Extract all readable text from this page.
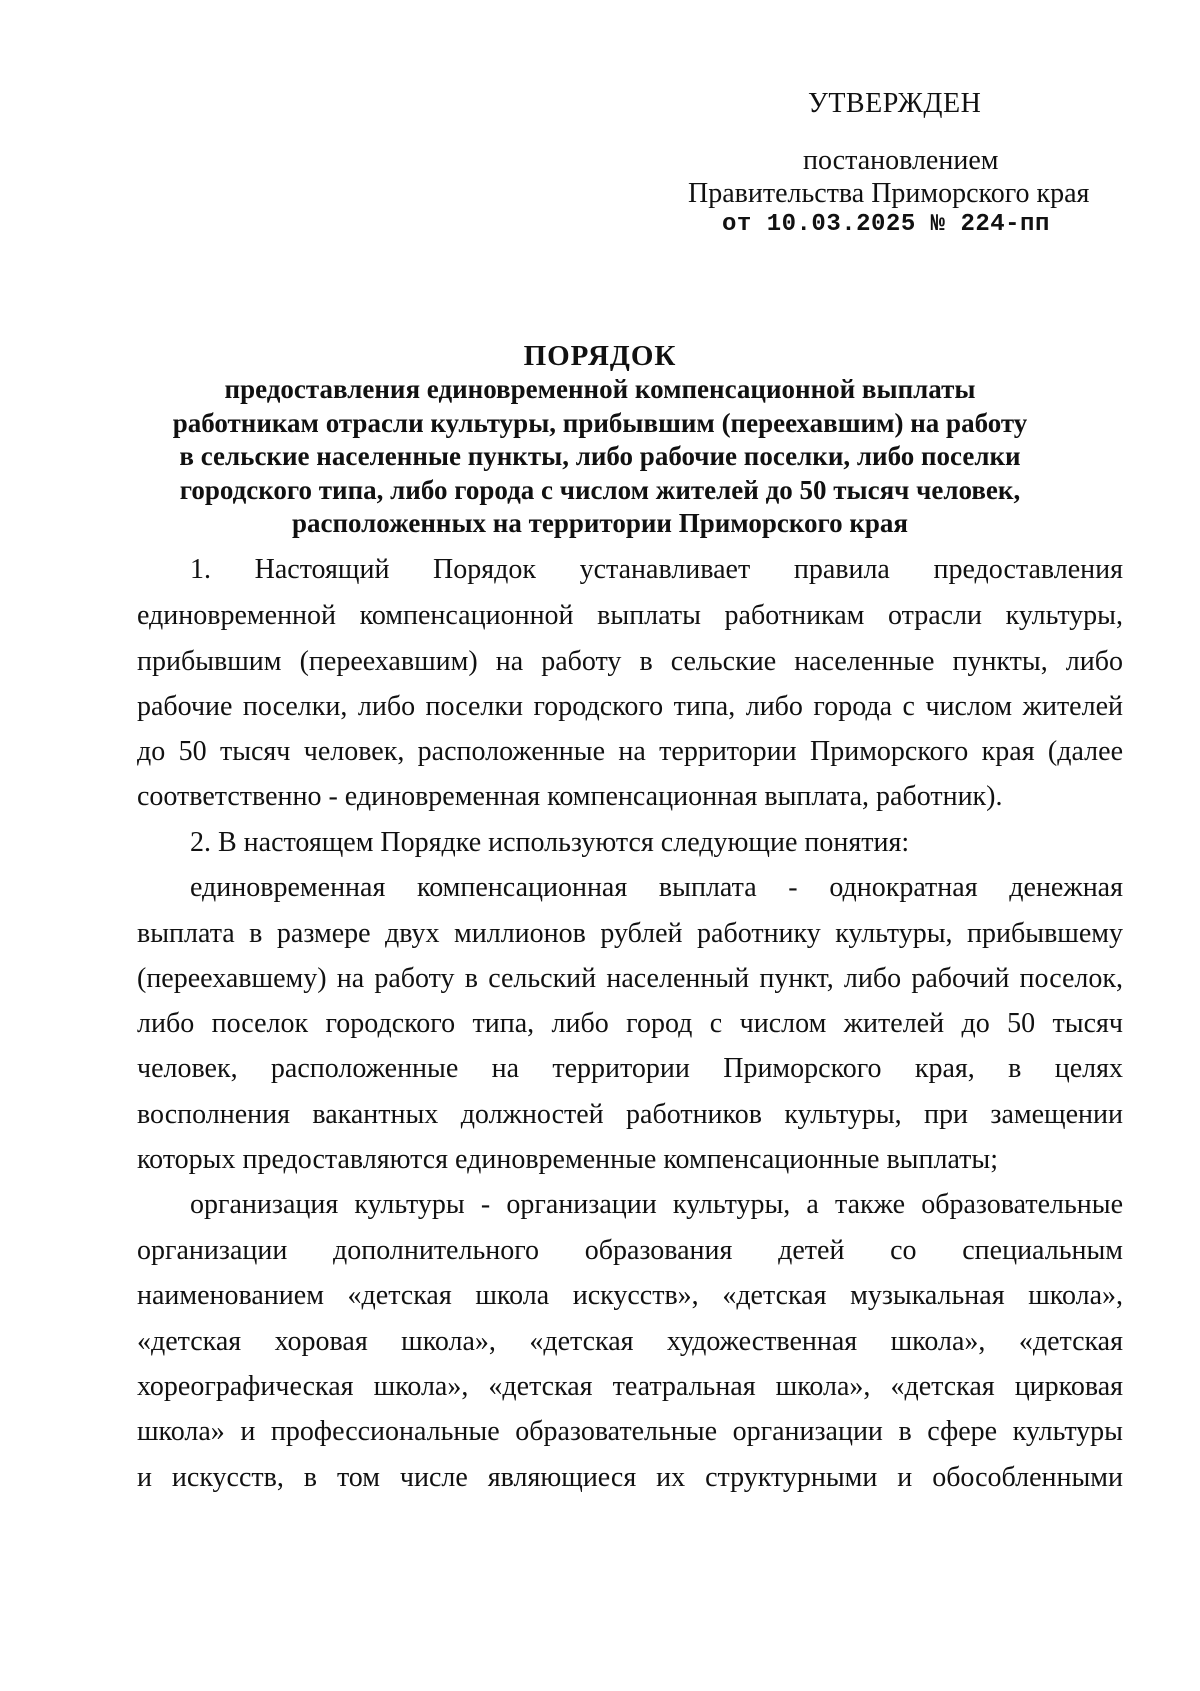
УТВЕРЖДЕН
постановлением
Правительства Приморского края
от 10.03.2025 № 224-пп
ПОРЯДОК
предоставления единовременной компенсационной выплаты
работникам отрасли культуры, прибывшим (переехавшим) на работу
в сельские населенные пункты, либо рабочие поселки, либо поселки
городского типа, либо города с числом жителей до 50 тысяч человек,
расположенных на территории Приморского края
1. Настоящий Порядок устанавливает правила предоставления
единовременной компенсационной выплаты работникам отрасли культуры,
прибывшим (переехавшим) на работу в сельские населенные пункты, либо
рабочие поселки, либо поселки городского типа, либо города с числом жителей
до 50 тысяч человек, расположенные на территории Приморского края (далее
соответственно - единовременная компенсационная выплата, работник).
2. В настоящем Порядке используются следующие понятия:
единовременная компенсационная выплата - однократная денежная
выплата в размере двух миллионов рублей работнику культуры, прибывшему
(переехавшему) на работу в сельский населенный пункт, либо рабочий поселок,
либо поселок городского типа, либо город с числом жителей до 50 тысяч
человек, расположенные на территории Приморского края, в целях
восполнения вакантных должностей работников культуры, при замещении
которых предоставляются единовременные компенсационные выплаты;
организация культуры - организации культуры, а также образовательные
организации дополнительного образования детей со специальным
наименованием «детская школа искусств», «детская музыкальная школа»,
«детская хоровая школа», «детская художественная школа», «детская
хореографическая школа», «детская театральная школа», «детская цирковая
школа» и профессиональные образовательные организации в сфере культуры
и искусств, в том числе являющиеся их структурными и обособленными
